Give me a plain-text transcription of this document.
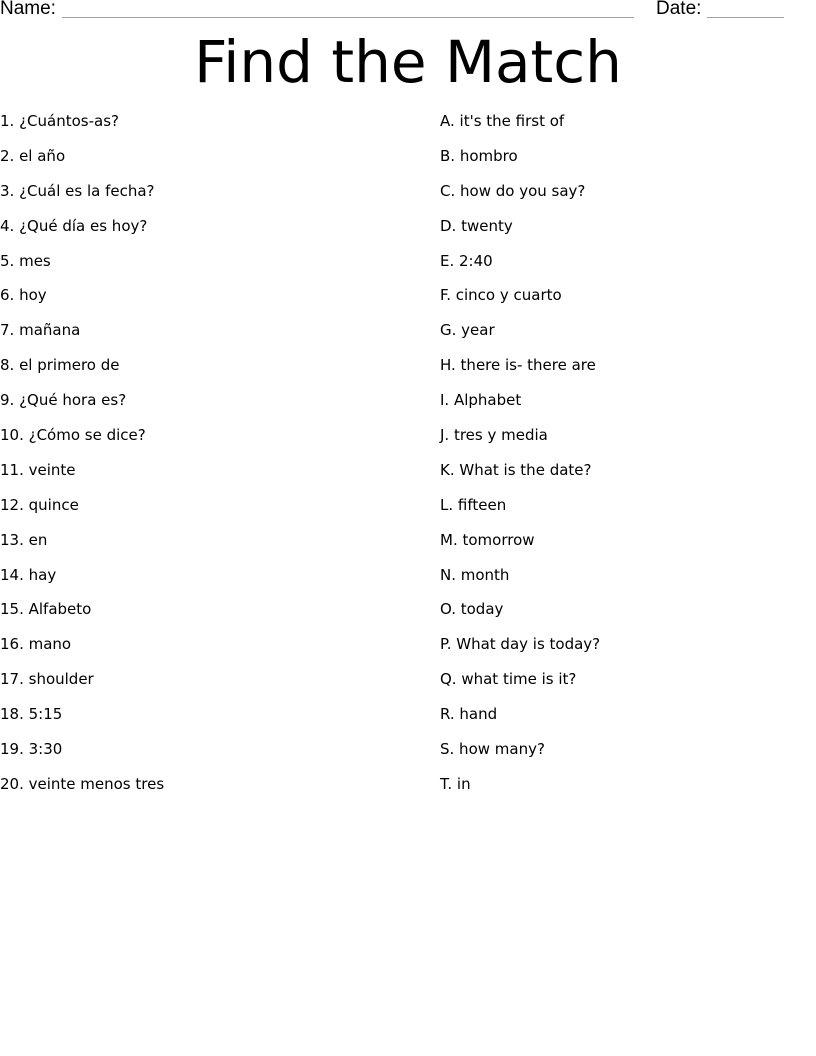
Name:	Date:
Find the Match
1. ¿Cuántos-as?
2. el año
3. ¿Cuál es la fecha?
4. ¿Qué día es hoy?
5. mes
6. hoy
7. mañana
8. el primero de
9. ¿Qué hora es?
10. ¿Cómo se dice?
11. veinte
12. quince
13. en
14. hay
15. Alfabeto
16. mano
17. shoulder
18. 5:15
19. 3:30
20. veinte menos tres
A. it's the first of
B. hombro
C. how do you say?
D. twenty
E. 2:40
F. cinco y cuarto
G. year
H. there is- there are
I. Alphabet
J. tres y media
K. What is the date?
L. fifteen
M. tomorrow
N. month
O. today
P. What day is today?
Q. what time is it?
R. hand
S. how many?
T. in
